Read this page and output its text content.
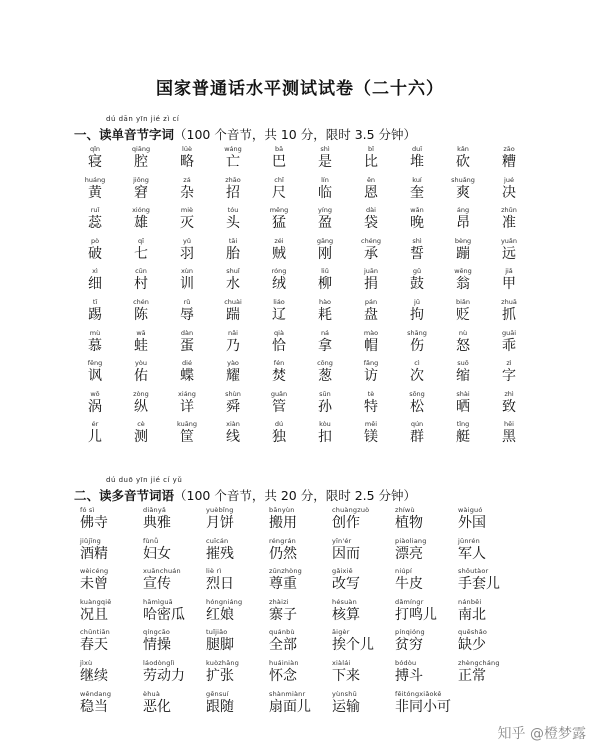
国家普通话水平测试试卷（二十六）
dú dān yīn jié zì cí
一、读单音节字词（100 个音节，共 10 分，限时 3.5 分钟）
qǐn
寝
qiāng
腔
lüè
略
wáng
亡
bā
巴
shì
是
bǐ
比
duī
堆
kǎn
砍
zāo
糟
huáng
黄
jiǒng
窘
zá
杂
zhāo
招
chǐ
尺
lín
临
ēn
恩
kuí
奎
shuǎng
爽
jué
决
ruǐ
蕊
xióng
雄
miè
灭
tóu
头
měng
猛
yíng
盈
dài
袋
wǎn
晚
áng
昂
zhǔn
准
pò
破
qī
七
yǔ
羽
tāi
胎
zéi
贼
gāng
刚
chéng
承
shì
誓
bèng
蹦
yuǎn
远
xì
细
cūn
村
xùn
训
shuǐ
水
róng
绒
liǔ
柳
juān
捐
gǔ
鼓
wēng
翁
jiǎ
甲
tī
踢
chén
陈
rǔ
辱
chuài
踹
liáo
辽
hào
耗
pán
盘
jū
拘
biǎn
贬
zhuā
抓
mù
慕
wā
蛙
dàn
蛋
nǎi
乃
qià
恰
ná
拿
mào
帽
shāng
伤
nù
怒
guāi
乖
fěng
讽
yòu
佑
dié
蝶
yào
耀
fén
焚
cōng
葱
fǎng
访
cì
次
suō
缩
zì
字
wō
涡
zòng
纵
xiáng
详
shùn
舜
guǎn
管
sūn
孙
tè
特
sōng
松
shài
晒
zhì
致
ér
儿
cè
测
kuāng
筐
xiàn
线
dú
独
kòu
扣
měi
镁
qún
群
tǐng
艇
hēi
黑
dú duō yīn jié cí yǔ
二、读多音节词语（100 个音节，共 20 分，限时 2.5 分钟）
fó sì
佛寺
diǎnyǎ
典雅
yuèbǐng
月饼
bānyùn
搬用
chuàngzuò
创作
zhíwù
植物
wàiguó
外国
jiǔjīng
酒精
fùnǚ
妇女
cuīcán
摧残
réngrán
仍然
yīn'ér
因而
piàoliang
漂亮
jūnrén
军人
wèicéng
未曾
xuānchuán
宣传
liè rì
烈日
zūnzhòng
尊重
gǎixiě
改写
niúpí
牛皮
shǒutàor
手套儿
kuàngqiě
况且
hāmìguā
哈密瓜
hóngniáng
红娘
zhàizi
寨子
hésuàn
核算
dǎmíngr
打鸣儿
nánběi
南北
chūntiān
春天
qíngcāo
情操
tuǐjiǎo
腿脚
quánbù
全部
āigèr
挨个儿
pínqióng
贫穷
quēshǎo
缺少
jìxù
继续
láodònglì
劳动力
kuòzhāng
扩张
huáiniàn
怀念
xiàlái
下来
bódòu
搏斗
zhèngcháng
正常
wěndang
稳当
èhuà
恶化
gēnsuí
跟随
shànmiànr
扇面儿
yùnshū
运输
fēitóngxiǎokě
非同小可
知乎 @橙梦露
